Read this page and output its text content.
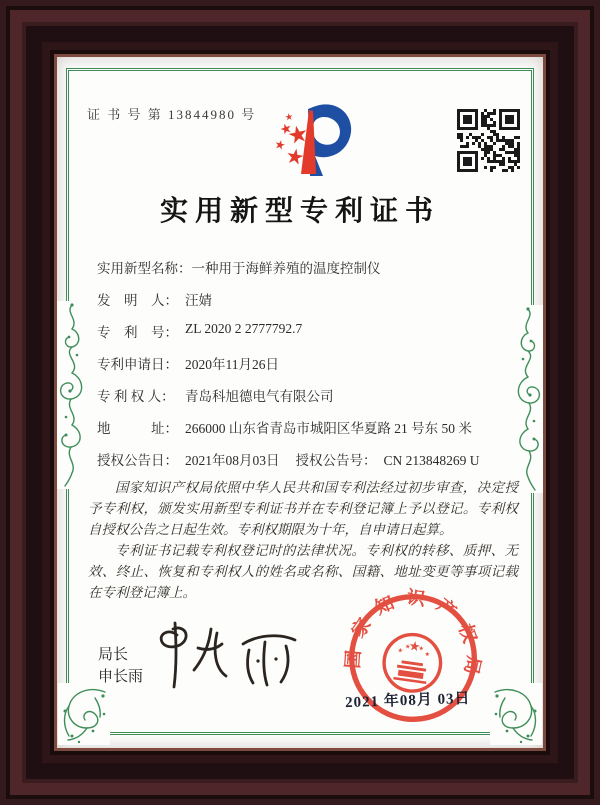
证 书 号 第 13844980 号
实用新型专利证书
实用新型名称： 一种用于海鲜养殖的温度控制仪
发　明　人： 汪婧
专　利　号： ZL 2020 2 2777792.7
专利申请日： 2020年11月26日
专 利 权 人： 青岛科旭德电气有限公司
地　　　址： 266000 山东省青岛市城阳区华夏路 21 号东 50 米
授权公告日： 2021年08月03日 授权公告号： CN 213848269 U

国家知识产权局依照中华人民共和国专利法经过初步审查，决定授予专利权，颁发实用新型专利证书并在专利登记簿上予以登记。专利权自授权公告之日起生效。专利权期限为十年，自申请日起算。

专利证书记载专利权登记时的法律状况。专利权的转移、质押、无效、终止、恢复和专利权人的姓名或名称、国籍、地址变更等事项记载在专利登记簿上。

局长
申长雨
国家知识产权局
2021 年08月 03日
